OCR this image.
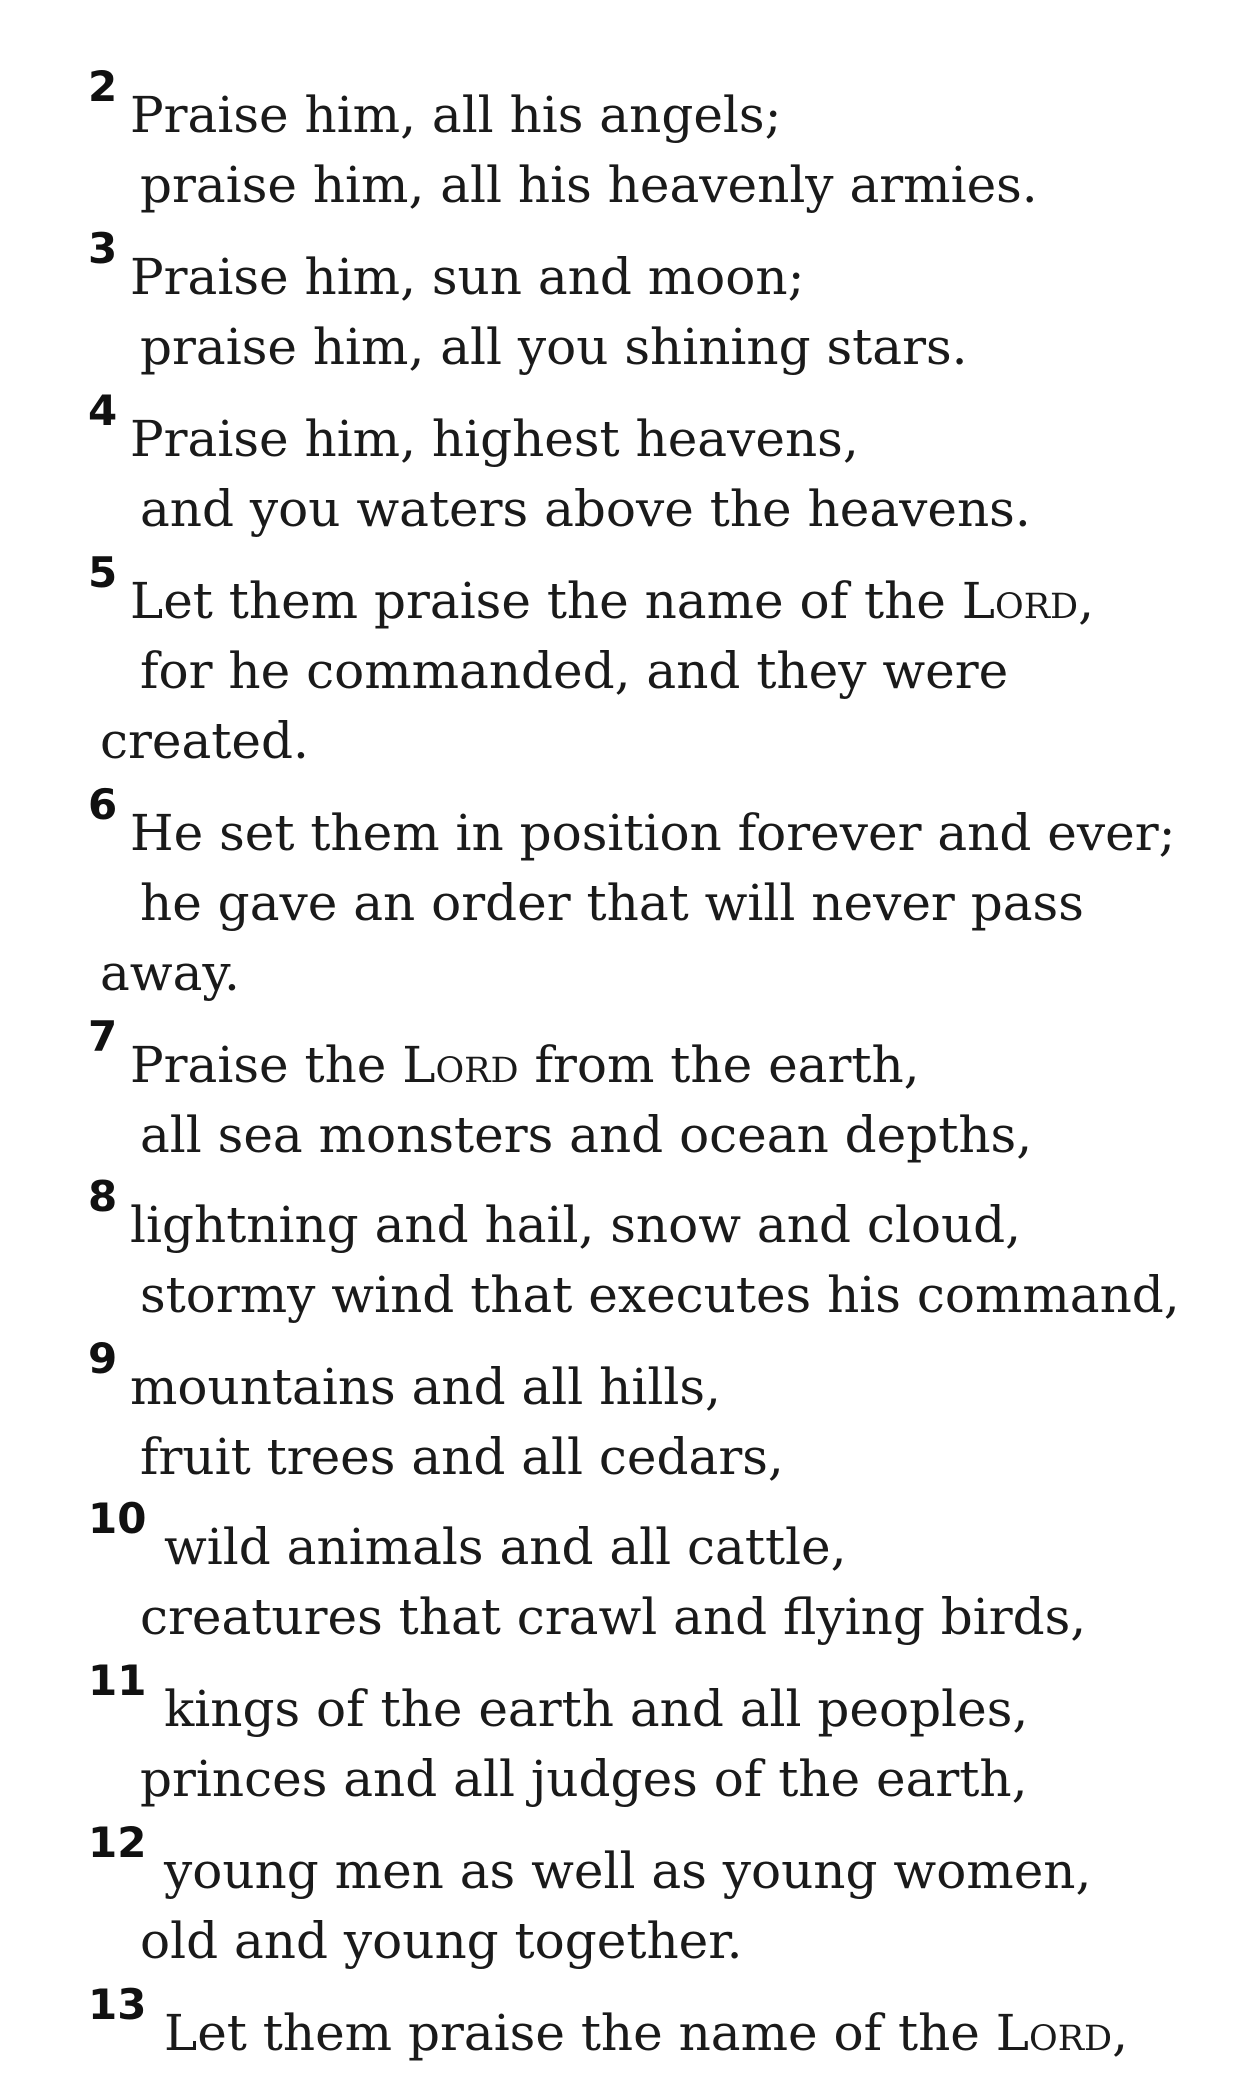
2 Praise him, all his angels;
praise him, all his heavenly armies.
3 Praise him, sun and moon;
praise him, all you shining stars.
4 Praise him, highest heavens,
and you waters above the heavens.
5 Let them praise the name of the Lord,
for he commanded, and they were
created.
6 He set them in position forever and ever;
he gave an order that will never pass
away.
7 Praise the Lord from the earth,
all sea monsters and ocean depths,
8 lightning and hail, snow and cloud,
stormy wind that executes his command,
9 mountains and all hills,
fruit trees and all cedars,
10 wild animals and all cattle,
creatures that crawl and flying birds,
11 kings of the earth and all peoples,
princes and all judges of the earth,
12 young men as well as young women,
old and young together.
13 Let them praise the name of the Lord,
